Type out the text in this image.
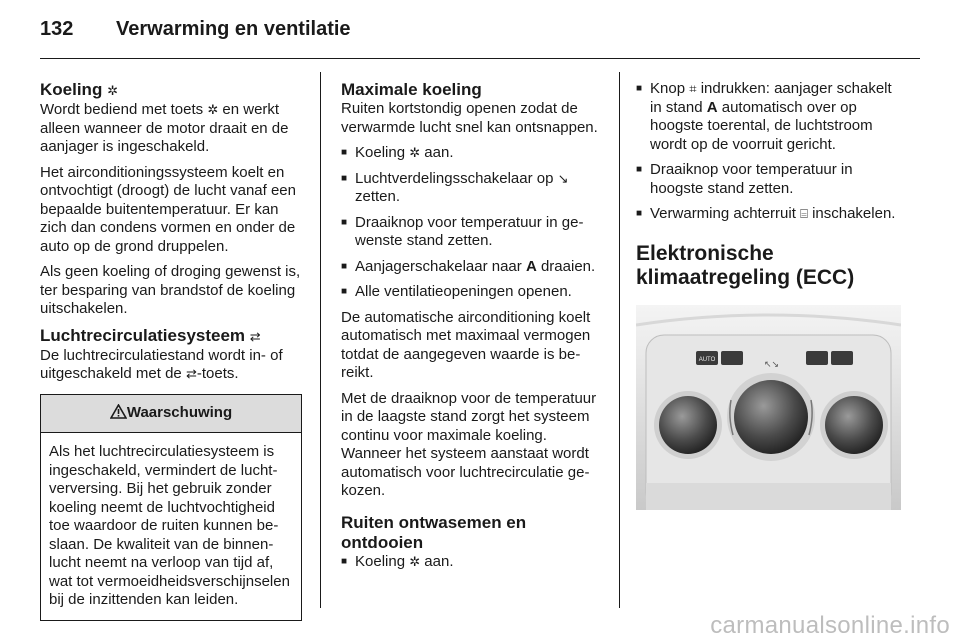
132 Verwarming en ventilatie
Koeling ✲

Wordt bediend met toets ✲ en werkt alleen wanneer de motor draait en de aanjager is ingeschakeld.

Het airconditioningssysteem koelt en ontvochtigt (droogt) de lucht vanaf een bepaalde buitentemperatuur. Er kan zich dan condens vormen en onder de auto op de grond druppelen.

Als geen koeling of droging gewenst is, ter besparing van brandstof de koeling uitschakelen.

Luchtrecirculatiesysteem ⇄

De luchtrecirculatiestand wordt in- of uitgeschakeld met de ⇄-toets.

Waarschuwing
Als het luchtrecirculatiesysteem is ingeschakeld, vermindert de luchtverversing. Bij het gebruik zonder koeling neemt de luchtvochtigheid toe waardoor de ruiten kunnen beslaan. De kwaliteit van de binnenlucht neemt na verloop van tijd af, wat tot vermoeidheidsverschijnselen bij de inzittenden kan leiden.
Maximale koeling

Ruiten kortstondig openen zodat de verwarmde lucht snel kan ontsnappen.

■ Koeling ✲ aan.
■ Luchtverdelingsschakelaar op ↘ zetten.
■ Draaiknop voor temperatuur in gewenste stand zetten.
■ Aanjagerschakelaar naar A draaien.
■ Alle ventilatieopeningen openen.

De automatische airconditioning koelt automatisch met maximaal vermogen totdat de aangegeven waarde is bereikt.

Met de draaiknop voor de temperatuur in de laagste stand zorgt het systeem continu voor maximale koeling. Wanneer het systeem aanstaat wordt automatisch voor luchtrecirculatie gekozen.

Ruiten ontwasemen en ontdooien
■ Koeling ✲ aan.
■ Knop ⌗ indrukken: aanjager schakelt in stand A automatisch over op hoogste toerental, de luchtstroom wordt op de voorruit gericht.
■ Draaiknop voor temperatuur in hoogste stand zetten.
■ Verwarming achterruit ⌸ inschakelen.
Elektronische klimaatregeling (ECC)
AUTO	↖↘
carmanualsonline.info
